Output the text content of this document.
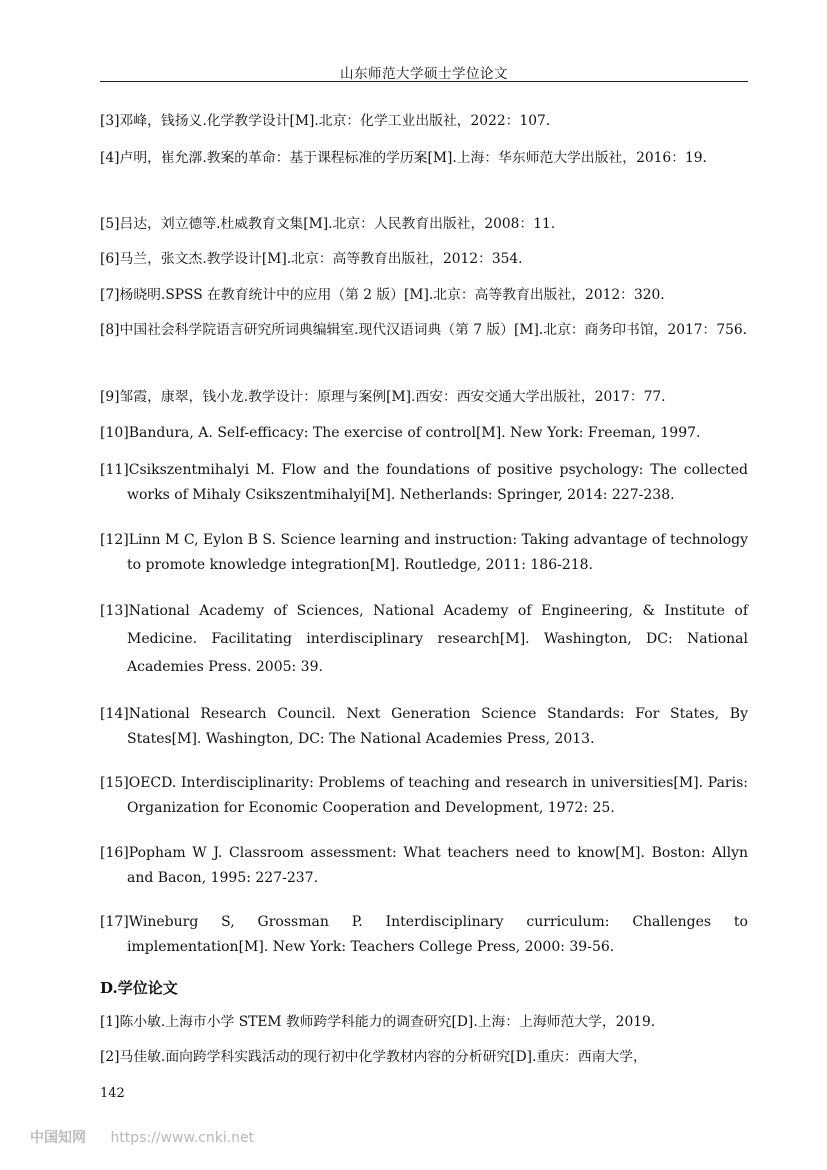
山东师范大学硕士学位论文
[3]邓峰，钱扬义.化学教学设计[M].北京：化学工业出版社，2022：107.
[4]卢明，崔允漷.教案的革命：基于课程标准的学历案[M].上海：华东师范大学出版社，2016：19.
[5]吕达，刘立德等.杜威教育文集[M].北京：人民教育出版社，2008：11.
[6]马兰，张文杰.教学设计[M].北京：高等教育出版社，2012：354.
[7]杨晓明.SPSS 在教育统计中的应用（第 2 版）[M].北京：高等教育出版社，2012：320.
[8]中国社会科学院语言研究所词典编辑室.现代汉语词典（第 7 版）[M].北京：商务印书馆，2017：756.
[9]邹霞，康翠，钱小龙.教学设计：原理与案例[M].西安：西安交通大学出版社，2017：77.
[10]Bandura, A. Self-efficacy: The exercise of control[M]. New York: Freeman, 1997.
[11]Csikszentmihalyi M. Flow and the foundations of positive psychology: The collected works of Mihaly Csikszentmihalyi[M]. Netherlands: Springer, 2014: 227-238.
[12]Linn M C, Eylon B S. Science learning and instruction: Taking advantage of technology to promote knowledge integration[M]. Routledge, 2011: 186-218.
[13]National Academy of Sciences, National Academy of Engineering, & Institute of Medicine. Facilitating interdisciplinary research[M]. Washington, DC: National Academies Press. 2005: 39.
[14]National Research Council. Next Generation Science Standards: For States, By States[M]. Washington, DC: The National Academies Press, 2013.
[15]OECD. Interdisciplinarity: Problems of teaching and research in universities[M]. Paris: Organization for Economic Cooperation and Development, 1972: 25.
[16]Popham W J. Classroom assessment: What teachers need to know[M]. Boston: Allyn and Bacon, 1995: 227-237.
[17]Wineburg S, Grossman P. Interdisciplinary curriculum: Challenges to implementation[M]. New York: Teachers College Press, 2000: 39-56.
D.学位论文
[1]陈小敏.上海市小学 STEM 教师跨学科能力的调查研究[D].上海：上海师范大学，2019.
[2]马佳敏.面向跨学科实践活动的现行初中化学教材内容的分析研究[D].重庆：西南大学，
142
中国知网 https://www.cnki.net
